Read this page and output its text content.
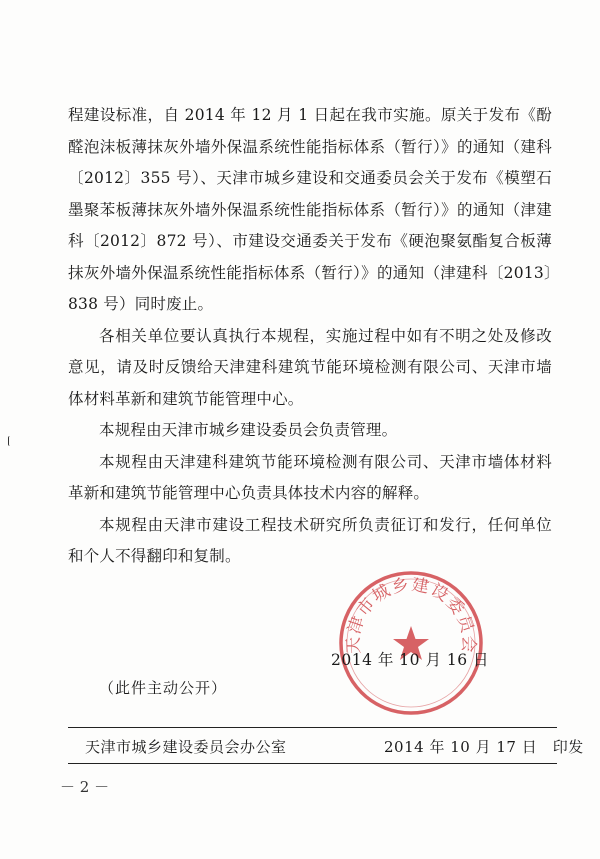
程建设标准，自 2014 年 12 月 1 日起在我市实施。原关于发布《酚醛泡沫板薄抹灰外墙外保温系统性能指标体系（暂行）》的通知（建科〔2012〕355 号）、天津市城乡建设和交通委员会关于发布《模塑石墨聚苯板薄抹灰外墙外保温系统性能指标体系（暂行）》的通知（津建科〔2012〕872 号）、市建设交通委关于发布《硬泡聚氨酯复合板薄抹灰外墙外保温系统性能指标体系（暂行）》的通知（津建科〔2013〕838 号）同时废止。

各相关单位要认真执行本规程，实施过程中如有不明之处及修改意见，请及时反馈给天津建科建筑节能环境检测有限公司、天津市墙体材料革新和建筑节能管理中心。

本规程由天津市城乡建设委员会负责管理。

本规程由天津建科建筑节能环境检测有限公司、天津市墙体材料革新和建筑节能管理中心负责具体技术内容的解释。

本规程由天津市建设工程技术研究所负责征订和发行，任何单位和个人不得翻印和复制。

天津市城乡建设委员会
2014 年 10 月 16 日
（此件主动公开）
天津市城乡建设委员会办公室	2014 年 10 月 17 日　印发
－ 2 －
